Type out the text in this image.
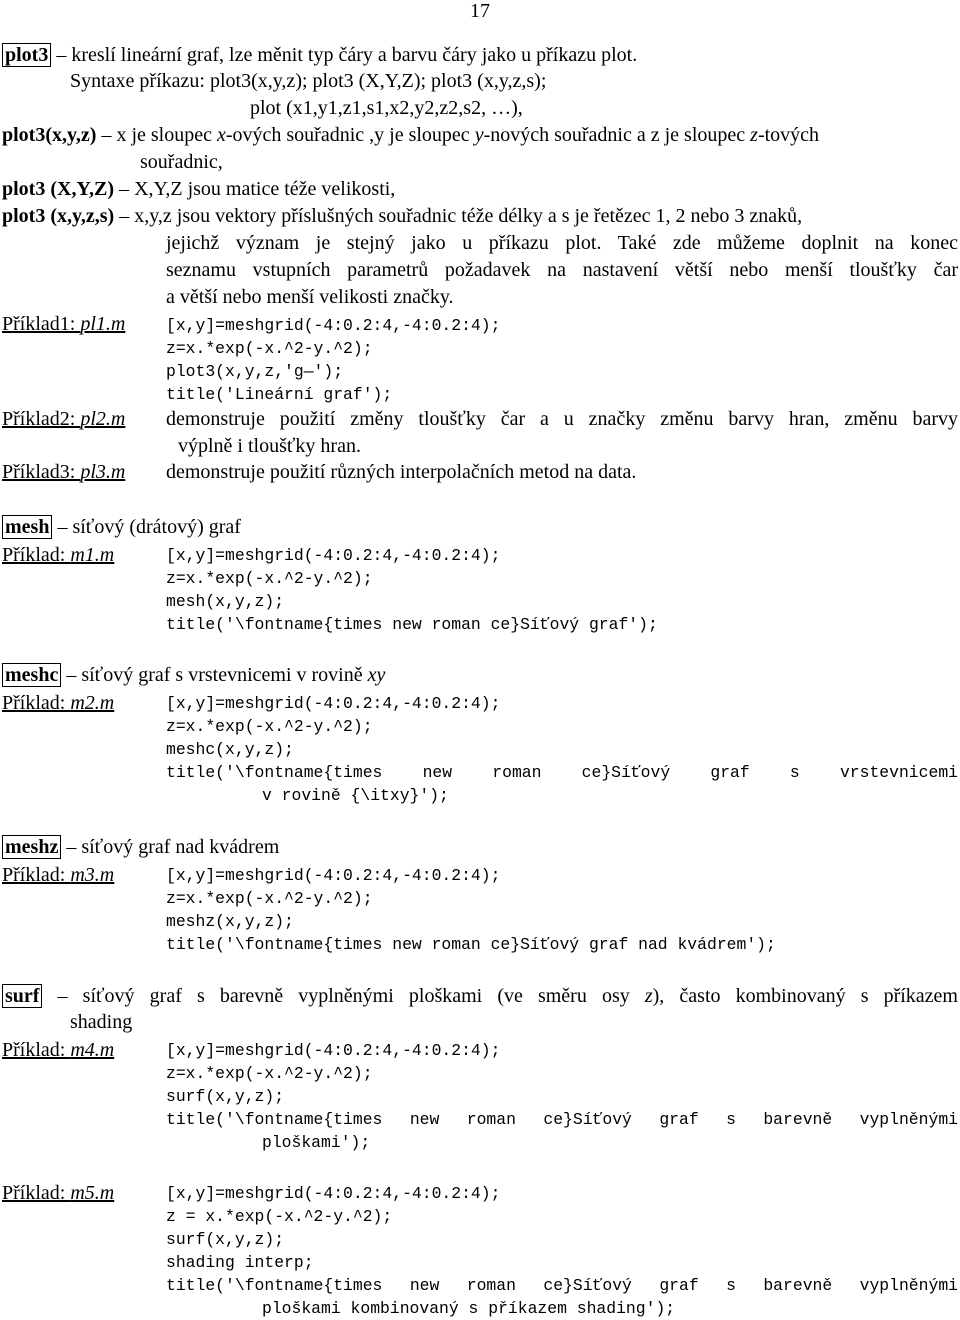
17
plot3 – kreslí lineární graf, lze měnit typ čáry a barvu čáry jako u příkazu plot.
Syntaxe příkazu: plot3(x,y,z); plot3 (X,Y,Z); plot3 (x,y,z,s);
plot (x1,y1,z1,s1,x2,y2,z2,s2, …),
plot3(x,y,z) – x je sloupec x-ových souřadnic ,y je sloupec y-nových souřadnic a z je sloupec z-tových
souřadnic,
plot3 (X,Y,Z) – X,Y,Z jsou matice téže velikosti,
plot3 (x,y,z,s) – x,y,z jsou vektory příslušných souřadnic téže délky a s je řetězec 1, 2 nebo 3 znaků,
jejichž význam je stejný jako u příkazu plot. Také zde můžeme doplnit na konec
seznamu vstupních parametrů požadavek na nastavení větší nebo menší tloušťky čar
a větší nebo menší velikosti značky.
Příklad1: pl1.m [x,y]=meshgrid(-4:0.2:4,-4:0.2:4);
z=x.*exp(-x.^2-y.^2);
plot3(x,y,z,'g—');
title('Lineární graf');
Příklad2: pl2.m demonstruje použití změny tloušťky čar a u značky změnu barvy hran, změnu barvy
výplně i tloušťky hran.
Příklad3: pl3.m demonstruje použití různých interpolačních metod na data.
mesh – síťový (drátový) graf
Příklad: m1.m	[x,y]=meshgrid(-4:0.2:4,-4:0.2:4);
z=x.*exp(-x.^2-y.^2);
mesh(x,y,z);
title('\fontname{times new roman ce}Síťový graf');
meshc – síťový graf s vrstevnicemi v rovině xy
Příklad: m2.m	[x,y]=meshgrid(-4:0.2:4,-4:0.2:4);
z=x.*exp(-x.^2-y.^2);
meshc(x,y,z);
title('\fontname{times new roman ce}Síťový graf s vrstevnicemi
v rovině {\itxy}');
meshz – síťový graf nad kvádrem
Příklad: m3.m	[x,y]=meshgrid(-4:0.2:4,-4:0.2:4);
z=x.*exp(-x.^2-y.^2);
meshz(x,y,z);
title('\fontname{times new roman ce}Síťový graf nad kvádrem');
surf – síťový graf s barevně vyplněnými ploškami (ve směru osy z), často kombinovaný s příkazem
shading
Příklad: m4.m	[x,y]=meshgrid(-4:0.2:4,-4:0.2:4);
z=x.*exp(-x.^2-y.^2);
surf(x,y,z);
title('\fontname{times new roman ce}Síťový graf s barevně vyplněnými
ploškami');
Příklad: m5.m	[x,y]=meshgrid(-4:0.2:4,-4:0.2:4);
z = x.*exp(-x.^2-y.^2);
surf(x,y,z);
shading interp;
title('\fontname{times new roman ce}Síťový graf s barevně vyplněnými
ploškami kombinovaný s příkazem shading');
